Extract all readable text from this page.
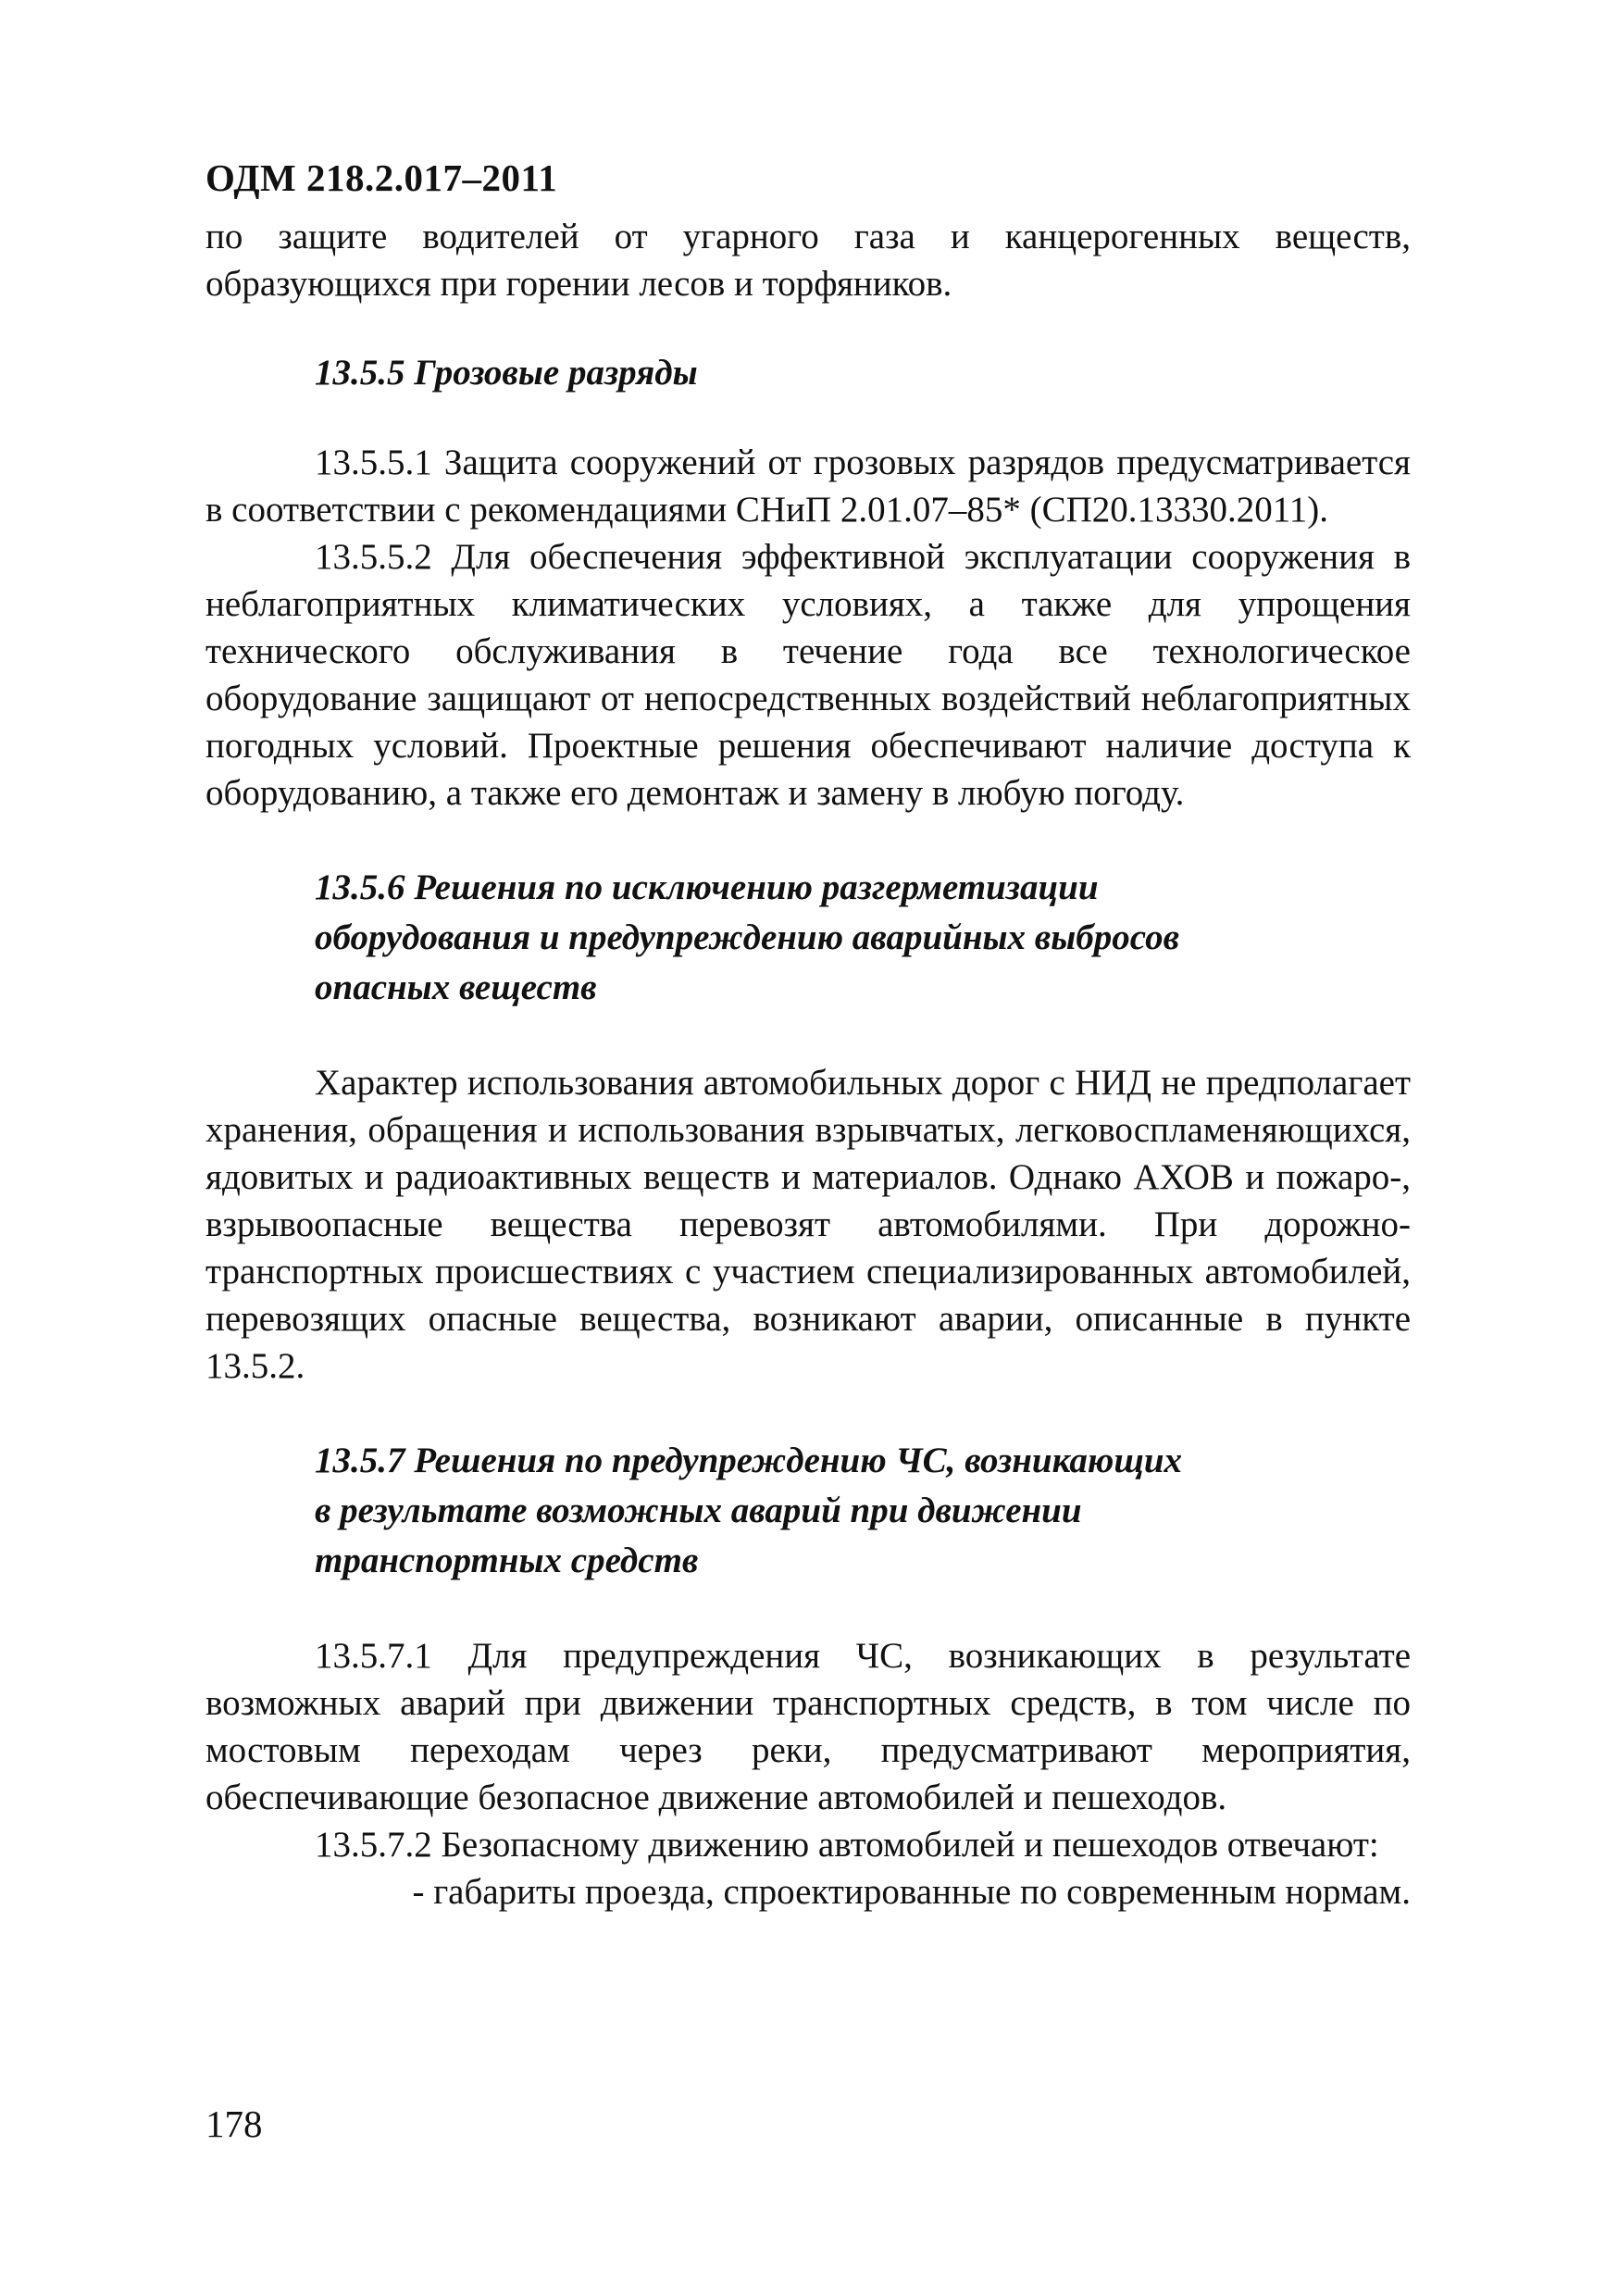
ОДМ 218.2.017–2011

по защите водителей от угарного газа и канцерогенных веществ, образующихся при горении лесов и торфяников.

13.5.5 Грозовые разряды

13.5.5.1 Защита сооружений от грозовых разрядов предусматривается в соответствии с рекомендациями СНиП 2.01.07–85* (СП20.13330.2011).

13.5.5.2 Для обеспечения эффективной эксплуатации сооружения в неблагоприятных климатических условиях, а также для упрощения технического обслуживания в течение года все технологическое оборудование защищают от непосредственных воздействий неблагоприятных погодных условий. Проектные решения обеспечивают наличие доступа к оборудованию, а также его демонтаж и замену в любую погоду.

13.5.6 Решения по исключению разгерметизации
оборудования и предупреждению аварийных выбросов
опасных веществ

Характер использования автомобильных дорог с НИД не предполагает хранения, обращения и использования взрывчатых, легковоспламеняющихся, ядовитых и радиоактивных веществ и материалов. Однако АХОВ и пожаро-, взрывоопасные вещества перевозят автомобилями. При дорожно-транспортных происшествиях с участием специализированных автомобилей, перевозящих опасные вещества, возникают аварии, описанные в пункте 13.5.2.

13.5.7 Решения по предупреждению ЧС, возникающих
в результате возможных аварий при движении
транспортных средств

13.5.7.1 Для предупреждения ЧС, возникающих в результате возможных аварий при движении транспортных средств, в том числе по мостовым переходам через реки, предусматривают мероприятия, обеспечивающие безопасное движение автомобилей и пешеходов.

13.5.7.2 Безопасному движению автомобилей и пешеходов отвечают:

- габариты проезда, спроектированные по современным нормам.

178
